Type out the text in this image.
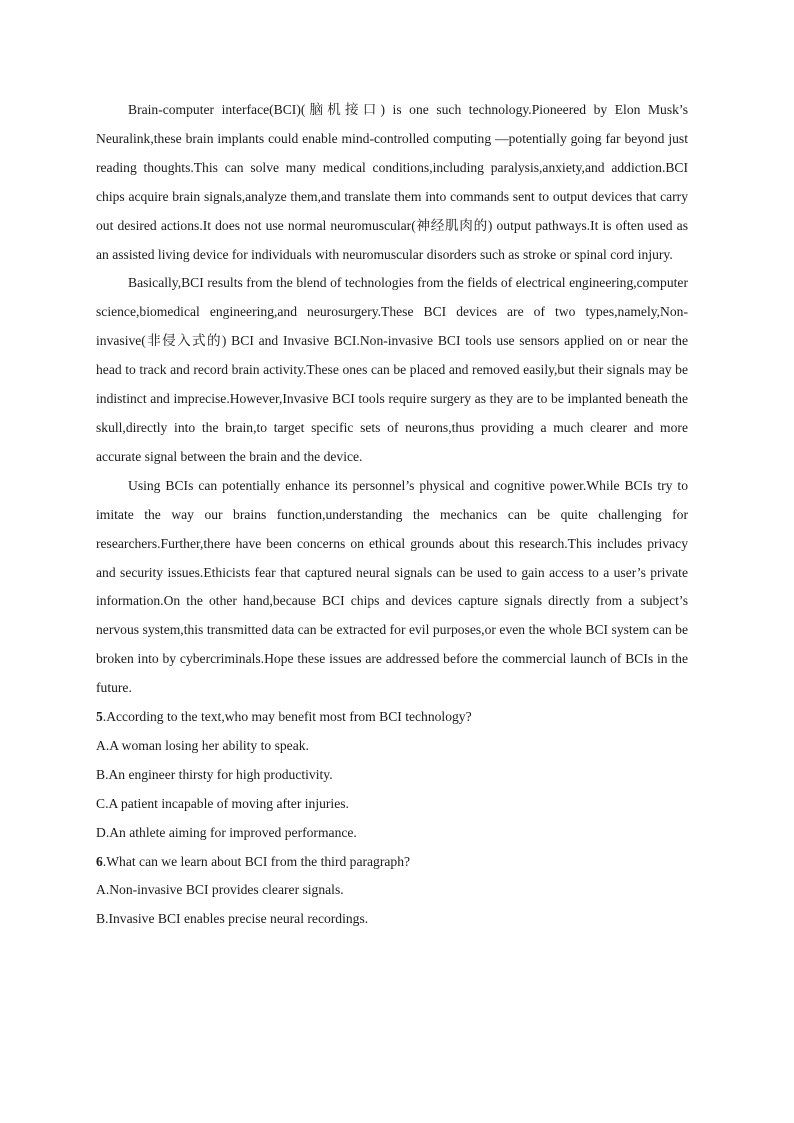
Brain-computer interface(BCI)(脑机接口) is one such technology.Pioneered by Elon Musk’s Neuralink,these brain implants could enable mind-controlled computing —potentially going far beyond just reading thoughts.This can solve many medical conditions,including paralysis,anxiety,and addiction.BCI chips acquire brain signals,analyze them,and translate them into commands sent to output devices that carry out desired actions.It does not use normal neuromuscular(神经肌肉的) output pathways.It is often used as an assisted living device for individuals with neuromuscular disorders such as stroke or spinal cord injury.

Basically,BCI results from the blend of technologies from the fields of electrical engineering,computer science,biomedical engineering,and neurosurgery.These BCI devices are of two types,namely,Non-invasive(非侵入式的) BCI and Invasive BCI.Non-invasive BCI tools use sensors applied on or near the head to track and record brain activity.These ones can be placed and removed easily,but their signals may be indistinct and imprecise.However,Invasive BCI tools require surgery as they are to be implanted beneath the skull,directly into the brain,to target specific sets of neurons,thus providing a much clearer and more accurate signal between the brain and the device.

Using BCIs can potentially enhance its personnel’s physical and cognitive power.While BCIs try to imitate the way our brains function,understanding the mechanics can be quite challenging for researchers.Further,there have been concerns on ethical grounds about this research.This includes privacy and security issues.Ethicists fear that captured neural signals can be used to gain access to a user’s private information.On the other hand,because BCI chips and devices capture signals directly from a subject’s nervous system,this transmitted data can be extracted for evil purposes,or even the whole BCI system can be broken into by cybercriminals.Hope these issues are addressed before the commercial launch of BCIs in the future.

5.According to the text,who may benefit most from BCI technology?

A.A woman losing her ability to speak.

B.An engineer thirsty for high productivity.

C.A patient incapable of moving after injuries.

D.An athlete aiming for improved performance.

6.What can we learn about BCI from the third paragraph?

A.Non-invasive BCI provides clearer signals.

B.Invasive BCI enables precise neural recordings.
